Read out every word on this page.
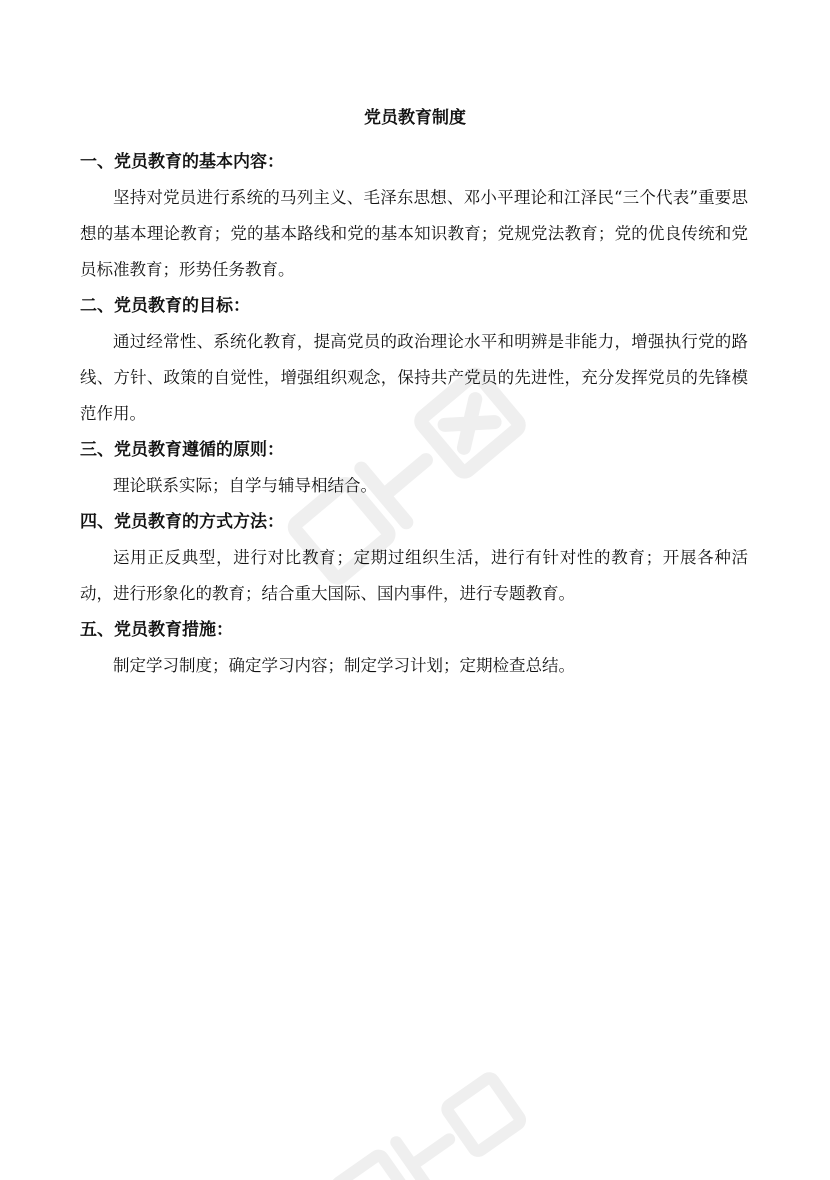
党员教育制度

一、党员教育的基本内容：

坚持对党员进行系统的马列主义、毛泽东思想、邓小平理论和江泽民“三个代表”重要思想的基本理论教育；党的基本路线和党的基本知识教育；党规党法教育；党的优良传统和党员标准教育；形势任务教育。

二、党员教育的目标：

通过经常性、系统化教育，提高党员的政治理论水平和明辨是非能力，增强执行党的路线、方针、政策的自觉性，增强组织观念，保持共产党员的先进性，充分发挥党员的先锋模范作用。

三、党员教育遵循的原则：

理论联系实际；自学与辅导相结合。

四、党员教育的方式方法：

运用正反典型，进行对比教育；定期过组织生活，进行有针对性的教育；开展各种活动，进行形象化的教育；结合重大国际、国内事件，进行专题教育。

五、党员教育措施：

制定学习制度；确定学习内容；制定学习计划；定期检查总结。
